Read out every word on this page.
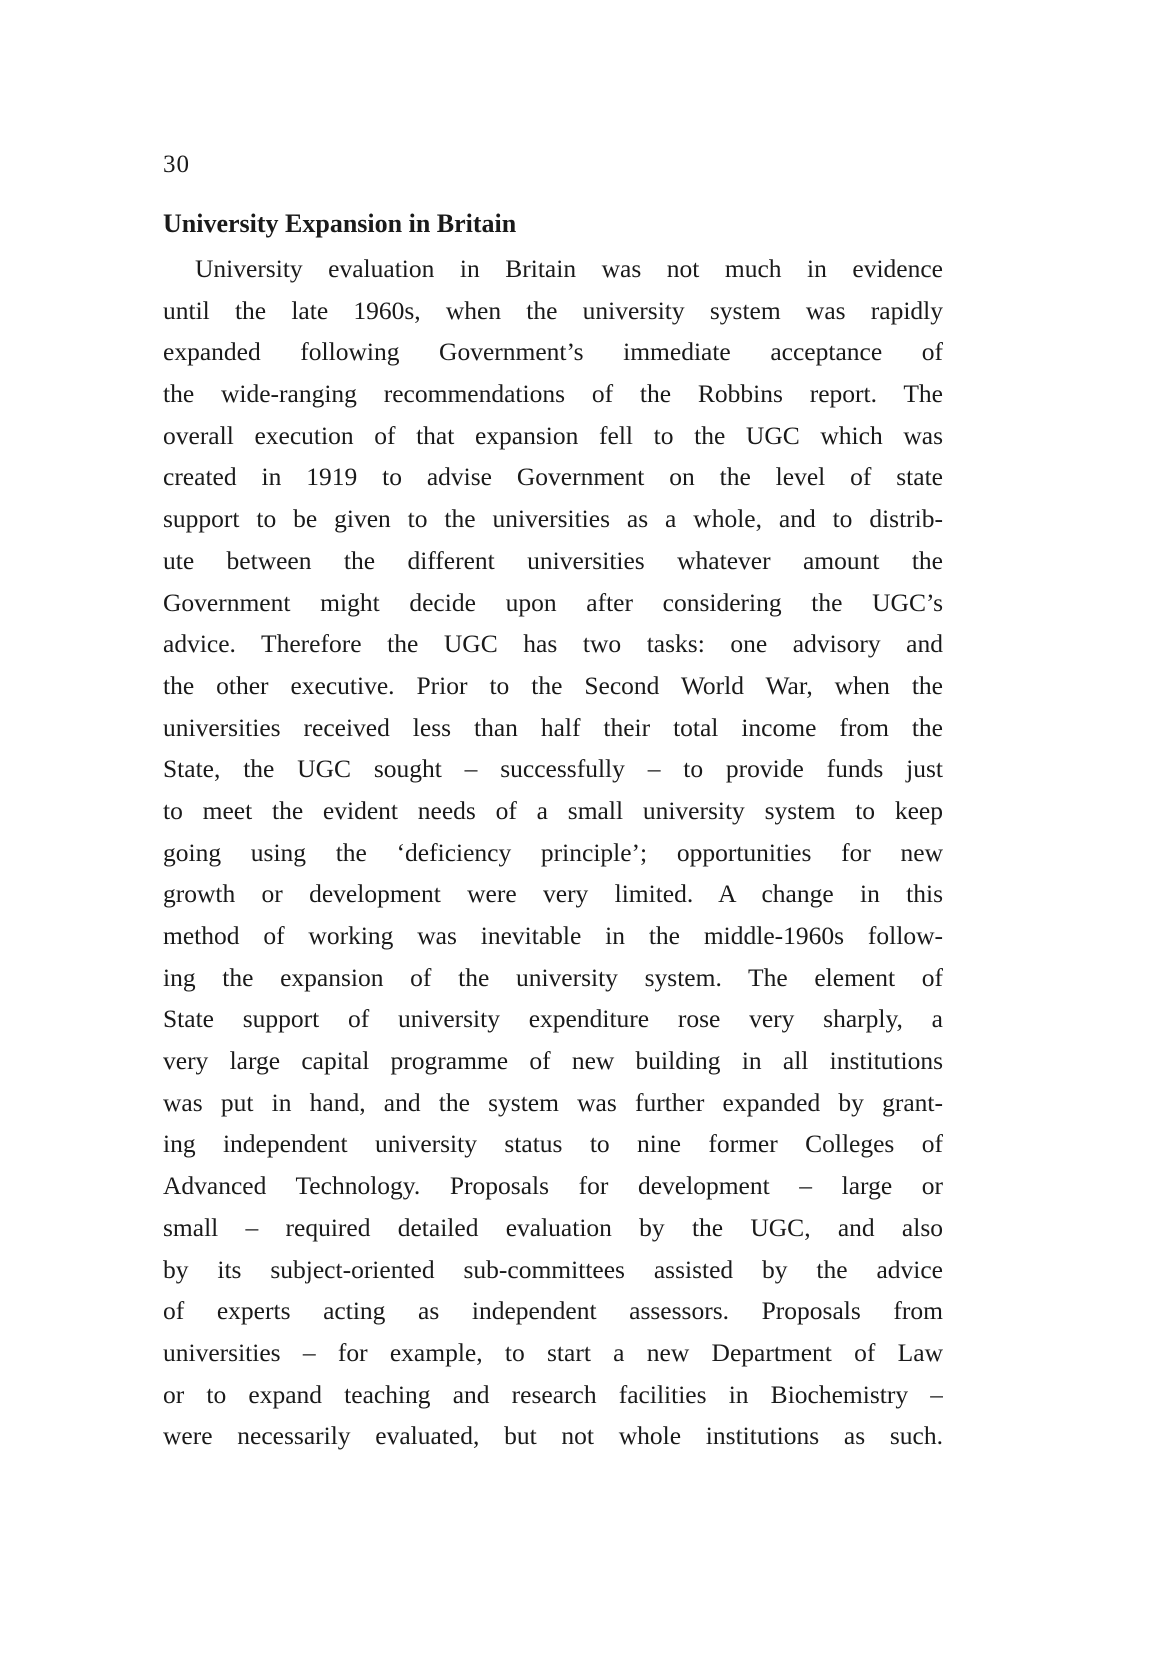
30
University Expansion in Britain
University evaluation in Britain was not much in evidence
until the late 1960s, when the university system was rapidly
expanded following Government’s immediate acceptance of
the wide-ranging recommendations of the Robbins report. The
overall execution of that expansion fell to the UGC which was
created in 1919 to advise Government on the level of state
support to be given to the universities as a whole, and to distrib-
ute between the different universities whatever amount the
Government might decide upon after considering the UGC’s
advice. Therefore the UGC has two tasks: one advisory and
the other executive. Prior to the Second World War, when the
universities received less than half their total income from the
State, the UGC sought – successfully – to provide funds just
to meet the evident needs of a small university system to keep
going using the ‘deficiency principle’; opportunities for new
growth or development were very limited. A change in this
method of working was inevitable in the middle-1960s follow-
ing the expansion of the university system. The element of
State support of university expenditure rose very sharply, a
very large capital programme of new building in all institutions
was put in hand, and the system was further expanded by grant-
ing independent university status to nine former Colleges of
Advanced Technology. Proposals for development – large or
small – required detailed evaluation by the UGC, and also
by its subject-oriented sub-committees assisted by the advice
of experts acting as independent assessors. Proposals from
universities – for example, to start a new Department of Law
or to expand teaching and research facilities in Biochemistry –
were necessarily evaluated, but not whole institutions as such.
